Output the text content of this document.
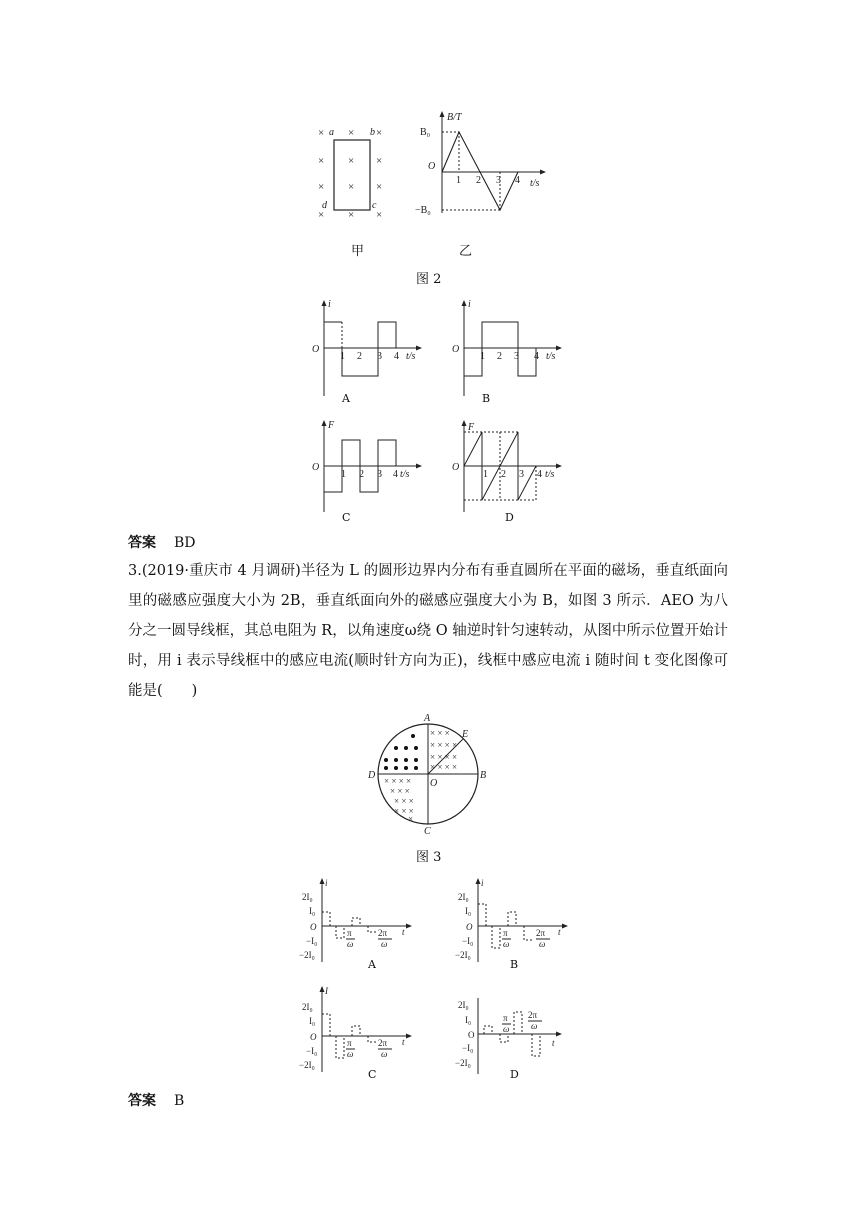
× × ×
× × ×
× × ×
× × ×
a	b
c
d
甲
B/T
O
t/s
B₀
−B₀
1 2 3 4
乙
图 2
i
O
1 2 3 4 t/s
A
i
O
1 2 3 4 t/s
B
F
O
1 2 3 4 t/s
C
F
O
1 2 3 4 t/s
D
答案 BD
3.(2019·重庆市 4 月调研)半径为 L 的圆形边界内分布有垂直圆所在平面的磁场，垂直纸面向里的磁感应强度大小为 2B，垂直纸面向外的磁感应强度大小为 B，如图 3 所示．AEO 为八分之一圆导线框，其总电阻为 R，以角速度ω绕 O 轴逆时针匀速转动，从图中所示位置开始计时，用 i 表示导线框中的感应电流(顺时针方向为正)，线框中感应电流 i 随时间 t 变化图像可能是(　　)
× × ×
× × × ×
× × × ×
× × × ×
× × × ×
× × ×
× × ×
× × ×
×
A
B
C
D
E
O
图 3
i
2I₀
I₀
O
−I₀
−2I₀
π
ω
2π
ω
t
A
i
2I₀
I₀
O
−I₀
−2I₀
π
ω
2π
ω
t
B
I
2I₀
I₀
O
−I₀
−2I₀
π
ω
2π
ω
t
C
2I₀
I₀
O
−I₀
−2I₀
π
ω
2π
ω
t
D
答案 B
